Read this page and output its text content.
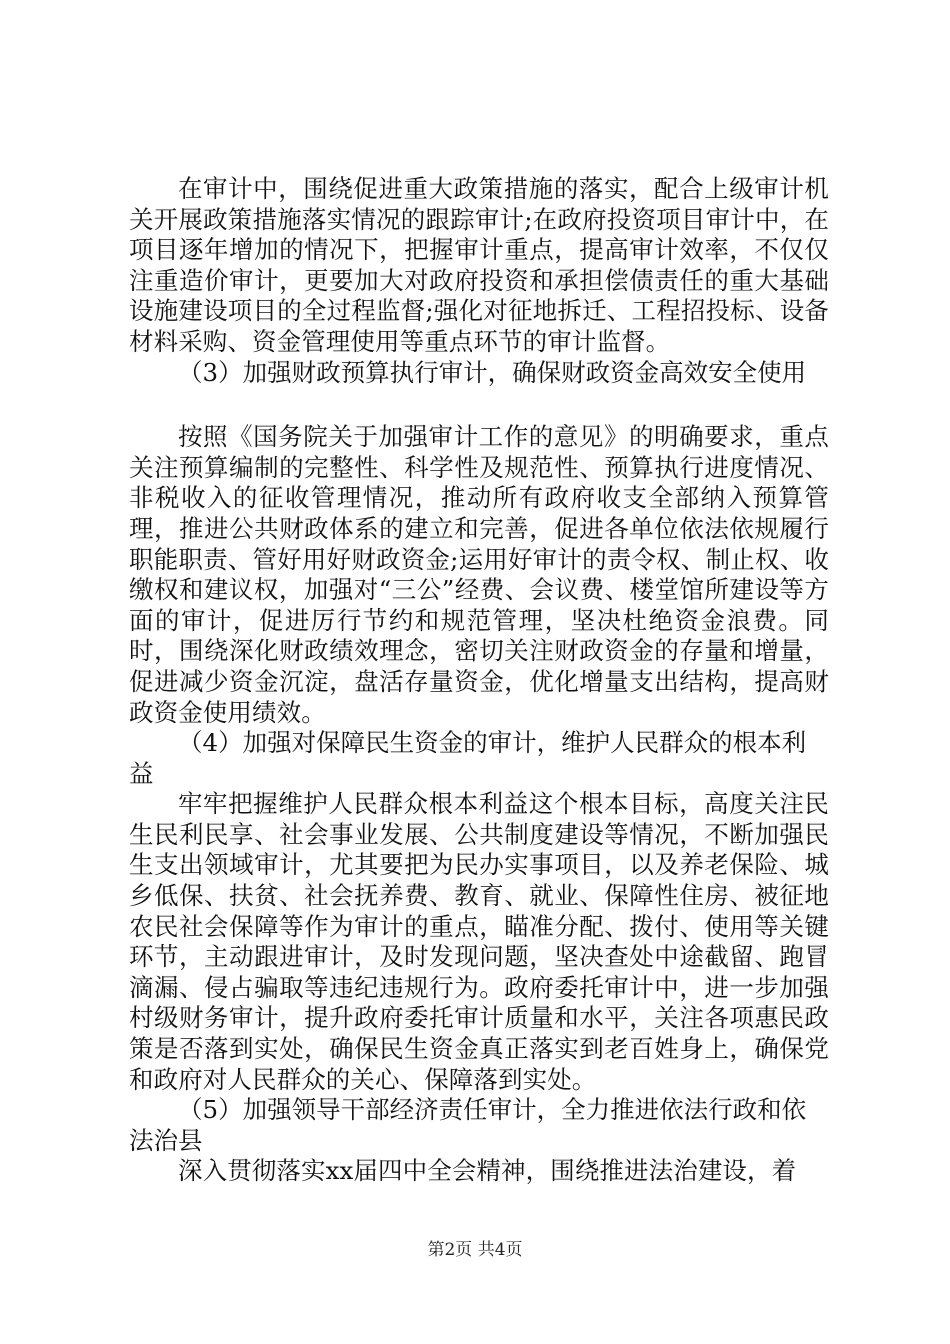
在审计中，围绕促进重大政策措施的落实，配合上级审计机关开展政策措施落实情况的跟踪审计;在政府投资项目审计中，在项目逐年增加的情况下，把握审计重点，提高审计效率，不仅仅注重造价审计，更要加大对政府投资和承担偿债责任的重大基础设施建设项目的全过程监督;强化对征地拆迁、工程招投标、设备材料采购、资金管理使用等重点环节的审计监督。

（3）加强财政预算执行审计，确保财政资金高效安全使用

按照《国务院关于加强审计工作的意见》的明确要求，重点关注预算编制的完整性、科学性及规范性、预算执行进度情况、非税收入的征收管理情况，推动所有政府收支全部纳入预算管理，推进公共财政体系的建立和完善，促进各单位依法依规履行职能职责、管好用好财政资金;运用好审计的责令权、制止权、收缴权和建议权，加强对“三公”经费、会议费、楼堂馆所建设等方面的审计，促进厉行节约和规范管理，坚决杜绝资金浪费。同时，围绕深化财政绩效理念，密切关注财政资金的存量和增量，促进减少资金沉淀，盘活存量资金，优化增量支出结构，提高财政资金使用绩效。

（4）加强对保障民生资金的审计，维护人民群众的根本利益

牢牢把握维护人民群众根本利益这个根本目标，高度关注民生民利民享、社会事业发展、公共制度建设等情况，不断加强民生支出领域审计，尤其要把为民办实事项目，以及养老保险、城乡低保、扶贫、社会抚养费、教育、就业、保障性住房、被征地农民社会保障等作为审计的重点，瞄准分配、拨付、使用等关键环节，主动跟进审计，及时发现问题，坚决查处中途截留、跑冒滴漏、侵占骗取等违纪违规行为。政府委托审计中，进一步加强村级财务审计，提升政府委托审计质量和水平，关注各项惠民政策是否落到实处，确保民生资金真正落实到老百姓身上，确保党和政府对人民群众的关心、保障落到实处。

（5）加强领导干部经济责任审计，全力推进依法行政和依法治县

深入贯彻落实xx届四中全会精神，围绕推进法治建设，着

第2页 共4页
